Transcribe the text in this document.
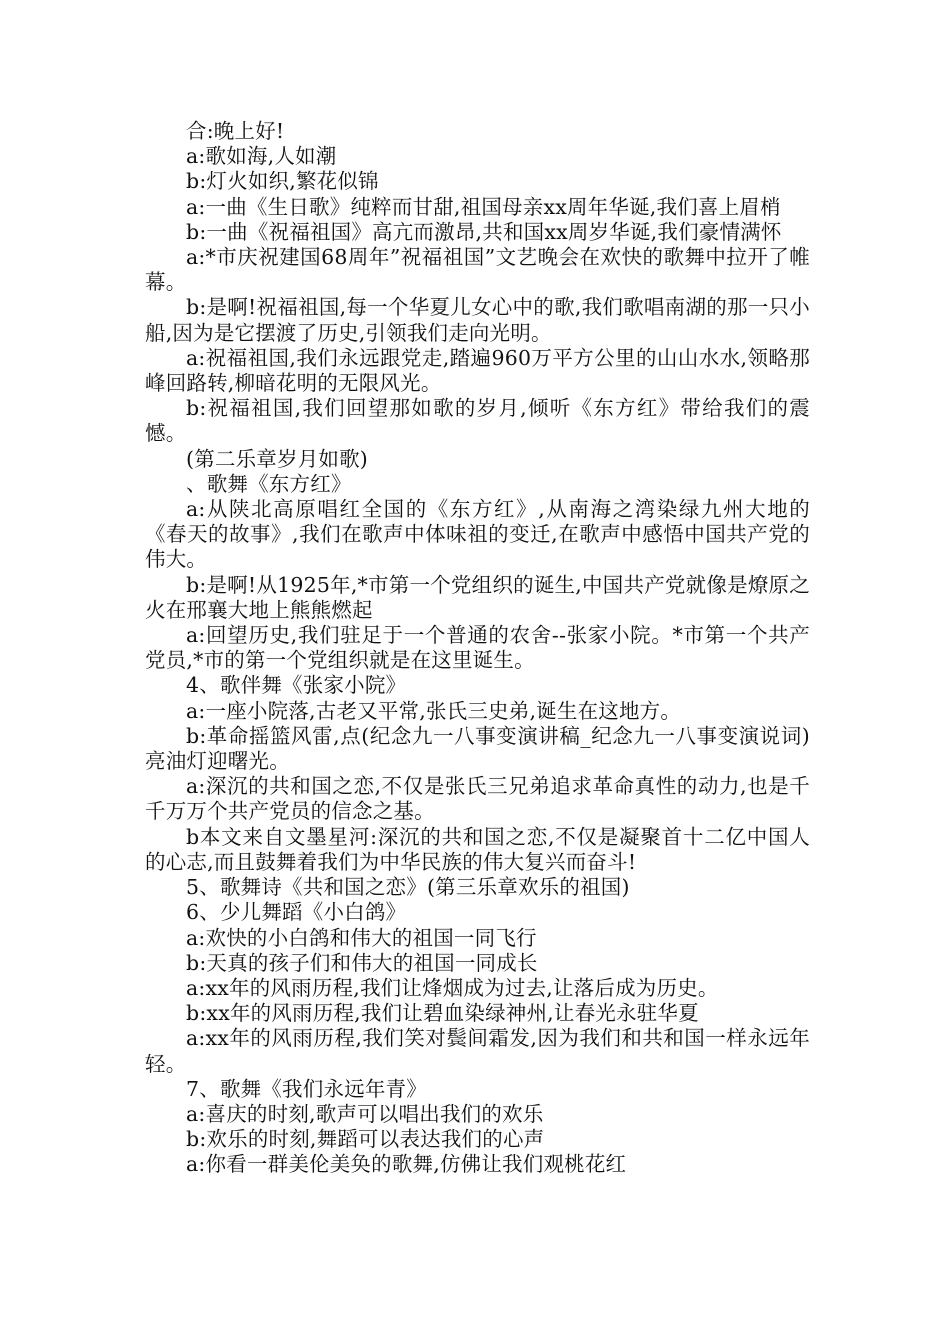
合:晚上好!

a:歌如海,人如潮

b:灯火如织,繁花似锦

a:一曲《生日歌》纯粹而甘甜,祖国母亲xx周年华诞,我们喜上眉梢

b:一曲《祝福祖国》高亢而激昂,共和国xx周岁华诞,我们豪情满怀

a:*市庆祝建国68周年”祝福祖国”文艺晚会在欢快的歌舞中拉开了帷幕。

b:是啊!祝福祖国,每一个华夏儿女心中的歌,我们歌唱南湖的那一只小船,因为是它摆渡了历史,引领我们走向光明。

a:祝福祖国,我们永远跟党走,踏遍960万平方公里的山山水水,领略那峰回路转,柳暗花明的无限风光。

b:祝福祖国,我们回望那如歌的岁月,倾听《东方红》带给我们的震憾。

(第二乐章岁月如歌)

、歌舞《东方红》

a:从陕北高原唱红全国的《东方红》,从南海之湾染绿九州大地的《春天的故事》,我们在歌声中体味祖的变迁,在歌声中感悟中国共产党的伟大。

b:是啊!从1925年,*市第一个党组织的诞生,中国共产党就像是燎原之火在邢襄大地上熊熊燃起

a:回望历史,我们驻足于一个普通的农舍--张家小院。*市第一个共产党员,*市的第一个党组织就是在这里诞生。

4、歌伴舞《张家小院》

a:一座小院落,古老又平常,张氏三史弟,诞生在这地方。

b:革命摇篮风雷,点(纪念九一八事变演讲稿_纪念九一八事变演说词)亮油灯迎曙光。

a:深沉的共和国之恋,不仅是张氏三兄弟追求革命真性的动力,也是千千万万个共产党员的信念之基。

b本文来自文墨星河:深沉的共和国之恋,不仅是凝聚首十二亿中国人的心志,而且鼓舞着我们为中华民族的伟大复兴而奋斗!

5、歌舞诗《共和国之恋》(第三乐章欢乐的祖国)

6、少儿舞蹈《小白鸽》

a:欢快的小白鸽和伟大的祖国一同飞行

b:天真的孩子们和伟大的祖国一同成长

a:xx年的风雨历程,我们让烽烟成为过去,让落后成为历史。

b:xx年的风雨历程,我们让碧血染绿神州,让春光永驻华夏

a:xx年的风雨历程,我们笑对鬓间霜发,因为我们和共和国一样永远年轻。

7、歌舞《我们永远年青》

a:喜庆的时刻,歌声可以唱出我们的欢乐

b:欢乐的时刻,舞蹈可以表达我们的心声

a:你看一群美伦美奂的歌舞,仿佛让我们观桃花红
